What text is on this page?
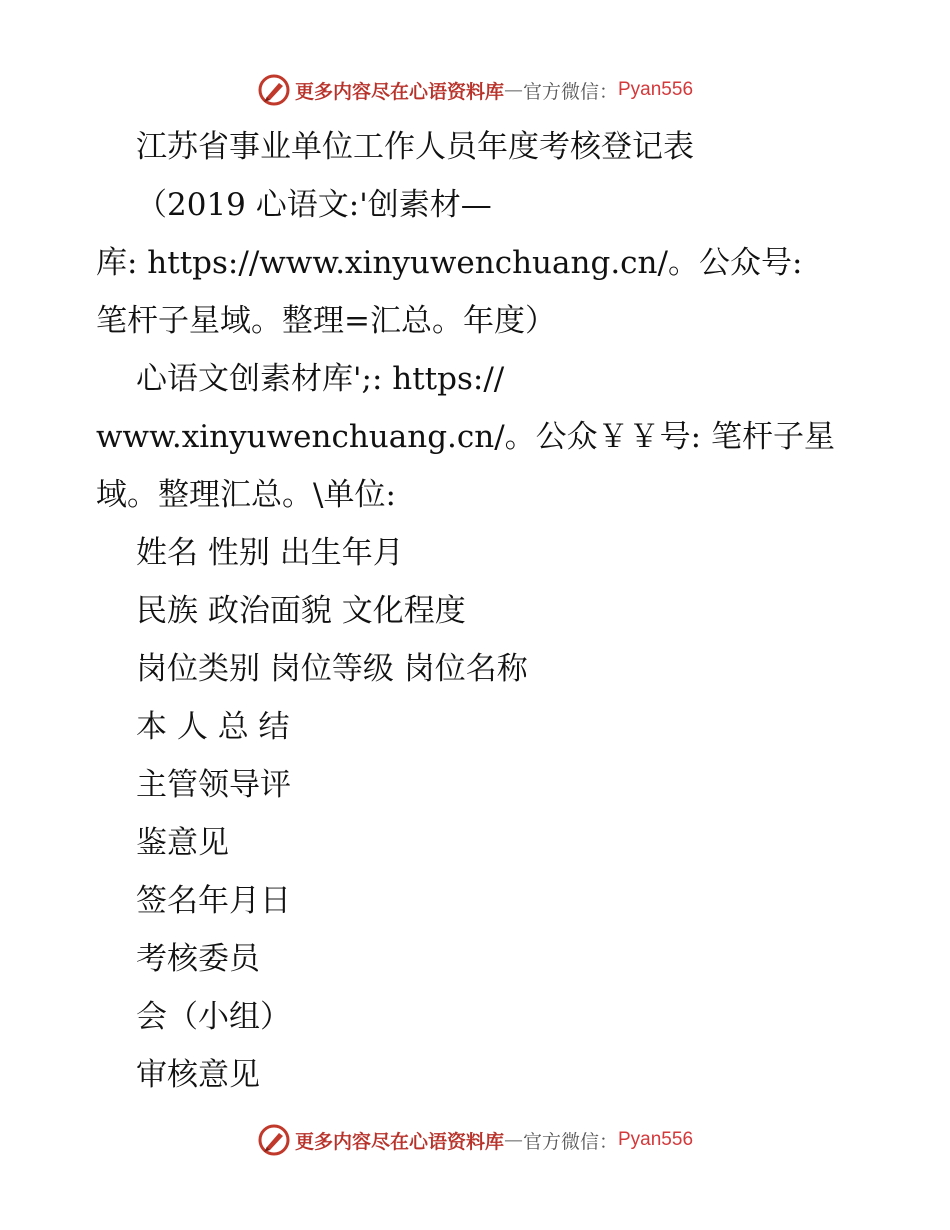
更多内容尽在心语资料库 — 官方微信： Pyan556
江苏省事业单位工作人员年度考核登记表
（2019 心语文:'创素材—
库: https://www.xinyuwenchuang.cn/。公众号:
笔杆子星域。整理=汇总。年度）
心语文创素材库';: https://
www.xinyuwenchuang.cn/。公众￥￥号: 笔杆子星
域。整理汇总。\单位:
姓名 性别 出生年月
民族 政治面貌 文化程度
岗位类别 岗位等级 岗位名称
本 人 总 结
主管领导评
鉴意见
签名年月日
考核委员
会（小组）
审核意见
更多内容尽在心语资料库 — 官方微信： Pyan556
